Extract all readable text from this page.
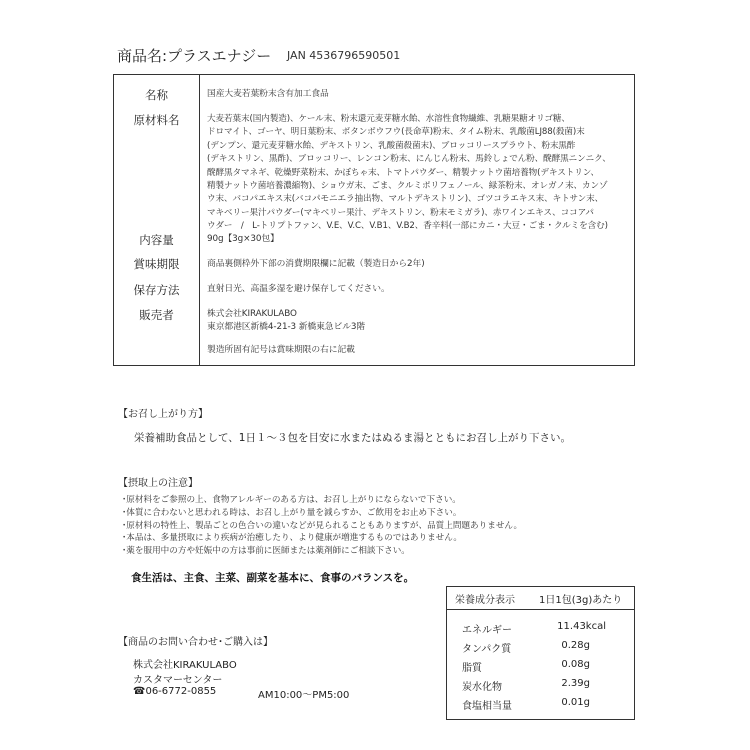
商品名:プラスエナジー JAN 4536796590501
名称	国産大麦若葉粉末含有加工食品
原材料名	大麦若葉末(国内製造)、ケール末、粉末還元麦芽糖水飴、水溶性食物繊維、乳糖果糖オリゴ糖、
ドロマイト、ゴーヤ、明日葉粉末、ボタンボウフウ(長命草)粉末、タイム粉末、乳酸菌LJ88(殺菌)末
(デンプン、還元麦芽糖水飴、デキストリン、乳酸菌殺菌末)、ブロッコリースプラウト、粉末黒酢
(デキストリン、黒酢)、ブロッコリー、レンコン粉末、にんじん粉末、馬鈴しょでん粉、醗酵黒ニンニク、
醗酵黒タマネギ、乾燥野菜粉末、かぼちゃ末、トマトパウダー、精製ナットウ菌培養物(デキストリン、
精製ナットウ菌培養濃縮物)、ショウガ末、ごま、クルミポリフェノール、緑茶粉末、オレガノ末、カンゾ
ウ末、バコパエキス末(バコパモニエラ抽出物、マルトデキストリン)、ゴツコラエキス末、キトサン末、
マキベリー果汁パウダー(マキベリー果汁、デキストリン、粉末モミガラ)、赤ワインエキス、ココアパ
ウダー　/　L-トリプトファン、V.E、V.C、V.B1、V.B2、香辛料(一部にカニ・大豆・ごま・クルミを含む)
内容量	90g【3g×30包】
賞味期限	商品裏側枠外下部の消費期限欄に記載（製造日から2年)
保存方法	直射日光、高温多湿を避け保存してください。
販売者	株式会社KIRAKULABO
東京都港区新橋4-21-3 新橋東急ビル3階
製造所固有記号は賞味期限の右に記載
【お召し上がり方】
栄養補助食品として、1日１～３包を目安に水またはぬるま湯とともにお召し上がり下さい。
【摂取上の注意】
･原材料をご参照の上、食物アレルギーのある方は、お召し上がりにならないで下さい。
･体質に合わないと思われる時は、お召し上がり量を減らすか、ご飲用をお止め下さい。
･原材料の特性上、製品ごとの色合いの違いなどが見られることもありますが、品質上問題ありません。
･本品は、多量摂取により疾病が治癒したり、より健康が増進するものではありません。
･薬を服用中の方や妊娠中の方は事前に医師または薬剤師にご相談下さい。
食生活は、主食、主菜、副菜を基本に、食事のバランスを。
栄養成分表示 1日1包(3g)あたり
エネルギー	11.43kcal
タンパク質	0.28g
脂質	0.08g
炭水化物	2.39g
食塩相当量	0.01g
【商品のお問い合わせ･ご購入は】
株式会社KIRAKULABO
カスタマーセンター
☎06-6772-0855	AM10:00～PM5:00
